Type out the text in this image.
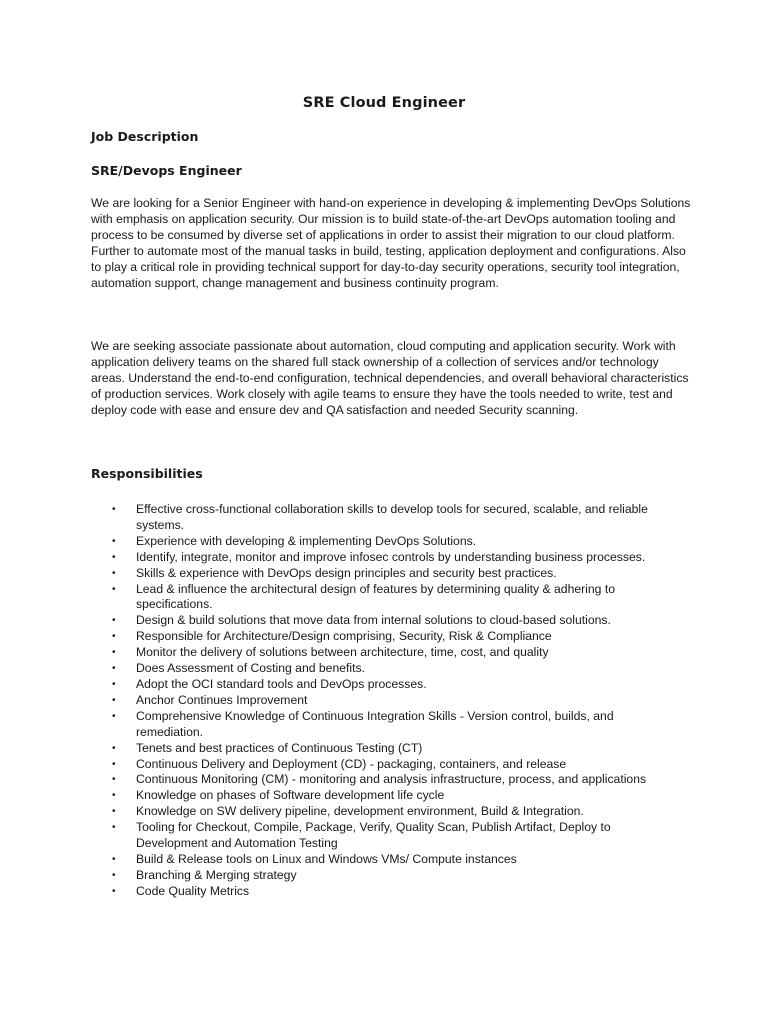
SRE Cloud Engineer
Job Description
SRE/Devops Engineer

We are looking for a Senior Engineer with hand-on experience in developing & implementing DevOps Solutions with emphasis on application security. Our mission is to build state-of-the-art DevOps automation tooling and process to be consumed by diverse set of applications in order to assist their migration to our cloud platform. Further to automate most of the manual tasks in build, testing, application deployment and configurations. Also to play a critical role in providing technical support for day-to-day security operations, security tool integration, automation support, change management and business continuity program.

We are seeking associate passionate about automation, cloud computing and application security. Work with application delivery teams on the shared full stack ownership of a collection of services and/or technology areas. Understand the end-to-end configuration, technical dependencies, and overall behavioral characteristics of production services. Work closely with agile teams to ensure they have the tools needed to write, test and deploy code with ease and ensure dev and QA satisfaction and needed Security scanning.

Responsibilities
• Effective cross-functional collaboration skills to develop tools for secured, scalable, and reliable systems.
• Experience with developing & implementing DevOps Solutions.
• Identify, integrate, monitor and improve infosec controls by understanding business processes.
• Skills & experience with DevOps design principles and security best practices.
• Lead & influence the architectural design of features by determining quality & adhering to specifications.
• Design & build solutions that move data from internal solutions to cloud-based solutions.
• Responsible for Architecture/Design comprising, Security, Risk & Compliance
• Monitor the delivery of solutions between architecture, time, cost, and quality
• Does Assessment of Costing and benefits.
• Adopt the OCI standard tools and DevOps processes.
• Anchor Continues Improvement
• Comprehensive Knowledge of Continuous Integration Skills - Version control, builds, and remediation.
• Tenets and best practices of Continuous Testing (CT)
• Continuous Delivery and Deployment (CD) - packaging, containers, and release
• Continuous Monitoring (CM) - monitoring and analysis infrastructure, process, and applications
• Knowledge on phases of Software development life cycle
• Knowledge on SW delivery pipeline, development environment, Build & Integration.
• Tooling for Checkout, Compile, Package, Verify, Quality Scan, Publish Artifact, Deploy to Development and Automation Testing
• Build & Release tools on Linux and Windows VMs/ Compute instances
• Branching & Merging strategy
• Code Quality Metrics
